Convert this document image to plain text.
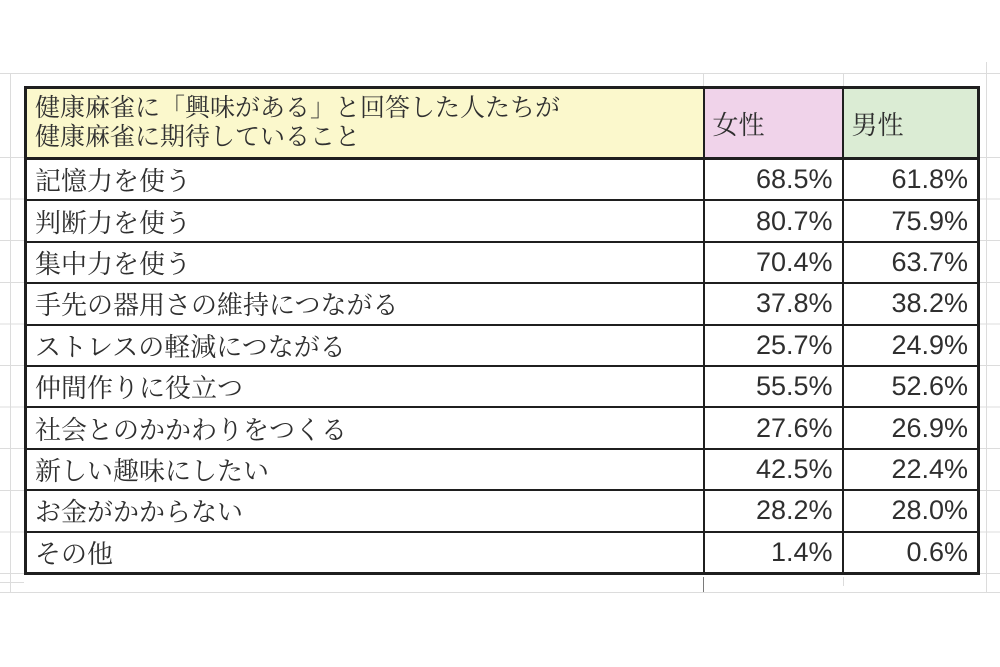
健康麻雀に「興味がある」と回答した人たちが
健康麻雀に期待していること	女性	男性
記憶力を使う	68.5%	61.8%
判断力を使う	80.7%	75.9%
集中力を使う	70.4%	63.7%
手先の器用さの維持につながる	37.8%	38.2%
ストレスの軽減につながる	25.7%	24.9%
仲間作りに役立つ	55.5%	52.6%
社会とのかかわりをつくる	27.6%	26.9%
新しい趣味にしたい	42.5%	22.4%
お金がかからない	28.2%	28.0%
その他	1.4%	0.6%
